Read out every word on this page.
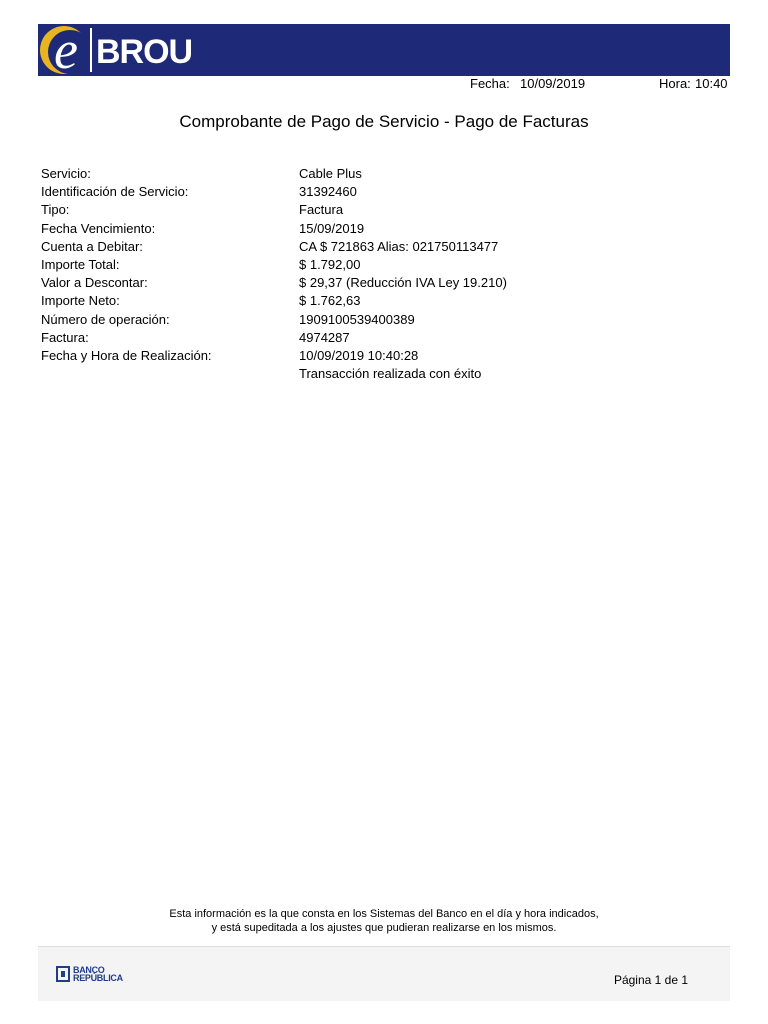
e BROU
Fecha: 10/09/2019	Hora: 10:40
Comprobante de Pago de Servicio - Pago de Facturas
Servicio:	Cable Plus
Identificación de Servicio:	31392460
Tipo:	Factura
Fecha Vencimiento:	15/09/2019
Cuenta a Debitar:	CA $ 721863 Alias: 021750113477
Importe Total:	$ 1.792,00
Valor a Descontar:	$ 29,37 (Reducción IVA Ley 19.210)
Importe Neto:	$ 1.762,63
Número de operación:	1909100539400389
Factura:	4974287
Fecha y Hora de Realización:	10/09/2019 10:40:28
Transacción realizada con éxito
Esta información es la que consta en los Sistemas del Banco en el día y hora indicados,
y está supeditada a los ajustes que pudieran realizarse en los mismos.
BANCO
REPÚBLICA	Página 1 de 1
